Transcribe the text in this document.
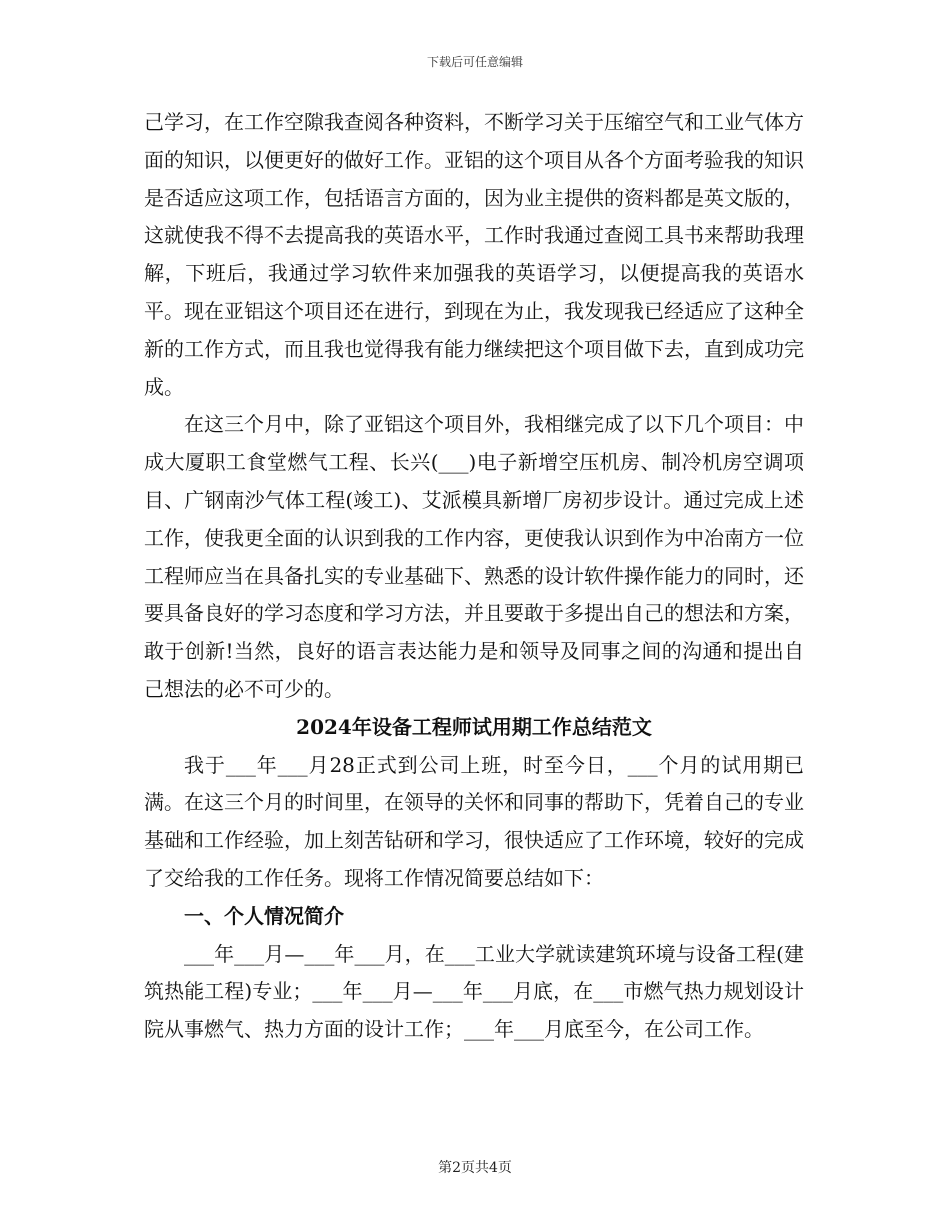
下载后可任意编辑

己学习，在工作空隙我查阅各种资料，不断学习关于压缩空气和工业气体方面的知识，以便更好的做好工作。亚铝的这个项目从各个方面考验我的知识是否适应这项工作，包括语言方面的，因为业主提供的资料都是英文版的，这就使我不得不去提高我的英语水平，工作时我通过查阅工具书来帮助我理解，下班后，我通过学习软件来加强我的英语学习，以便提高我的英语水平。现在亚铝这个项目还在进行，到现在为止，我发现我已经适应了这种全新的工作方式，而且我也觉得我有能力继续把这个项目做下去，直到成功完成。

在这三个月中，除了亚铝这个项目外，我相继完成了以下几个项目：中成大厦职工食堂燃气工程、长兴(___)电子新增空压机房、制冷机房空调项目、广钢南沙气体工程(竣工)、艾派模具新增厂房初步设计。通过完成上述工作，使我更全面的认识到我的工作内容，更使我认识到作为中冶南方一位工程师应当在具备扎实的专业基础下、熟悉的设计软件操作能力的同时，还要具备良好的学习态度和学习方法，并且要敢于多提出自己的想法和方案，敢于创新!当然，良好的语言表达能力是和领导及同事之间的沟通和提出自己想法的必不可少的。

2024年设备工程师试用期工作总结范文

我于___年___月28正式到公司上班，时至今日，___个月的试用期已满。在这三个月的时间里，在领导的关怀和同事的帮助下，凭着自己的专业基础和工作经验，加上刻苦钻研和学习，很快适应了工作环境，较好的完成了交给我的工作任务。现将工作情况简要总结如下：

一、个人情况简介

___年___月—___年___月，在___工业大学就读建筑环境与设备工程(建筑热能工程)专业；___年___月—___年___月底，在___市燃气热力规划设计院从事燃气、热力方面的设计工作；___年___月底至今，在公司工作。

第2页共4页
